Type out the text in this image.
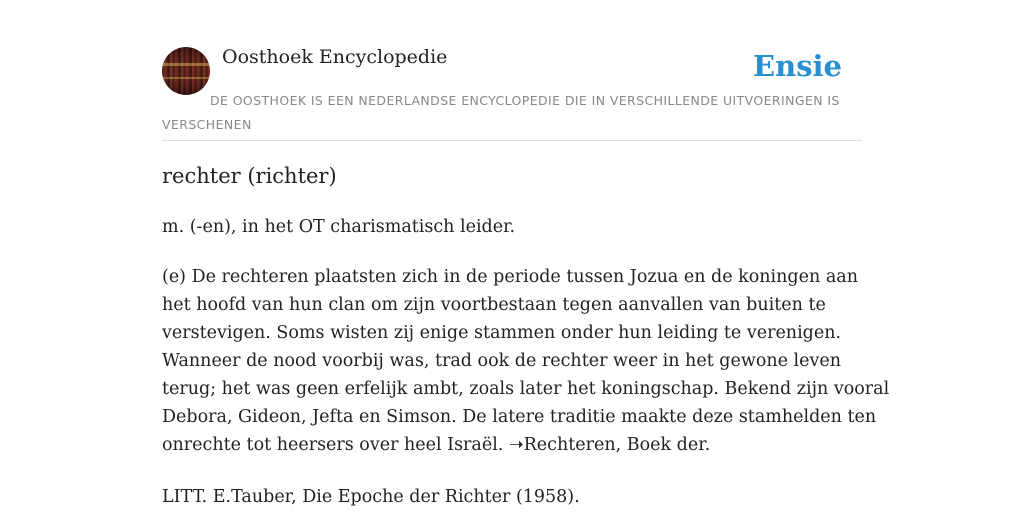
Oosthoek Encyclopedie	Ensie
DE OOSTHOEK IS EEN NEDERLANDSE ENCYCLOPEDIE DIE IN VERSCHILLENDE UITVOERINGEN IS VERSCHENEN
rechter (richter)

m. (-en), in het OT charismatisch leider.

(e) De rechteren plaatsten zich in de periode tussen Jozua en de koningen aan
het hoofd van hun clan om zijn voortbestaan tegen aanvallen van buiten te
verstevigen. Soms wisten zij enige stammen onder hun leiding te verenigen.
Wanneer de nood voorbij was, trad ook de rechter weer in het gewone leven
terug; het was geen erfelijk ambt, zoals later het koningschap. Bekend zijn vooral
Debora, Gideon, Jefta en Simson. De latere traditie maakte deze stamhelden ten
onrechte tot heersers over heel Israël. ➝Rechteren, Boek der.

LITT. E.Tauber, Die Epoche der Richter (1958).
